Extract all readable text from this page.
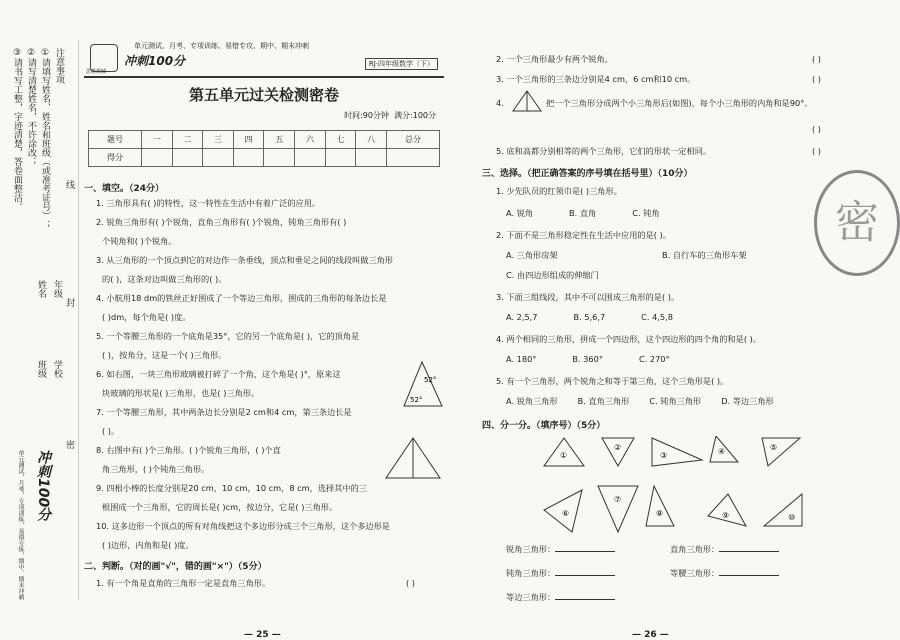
注意事项
①请填写姓名、姓名和班级（或准考证号）；
②请写清楚姓名，不许涂改；
③请书写工整，字迹清楚，答卷面整洁。	线
年级
姓名
学校
班级
封
密
冲刺100分
单元测试，月考，专项训练，易错专练，期中、期末冲刺
单元测试、月考、专项训练、易错专攻、期中、期末冲刺
冲刺100分
思维教辅
RJ·四年级数学（下）
第五单元过关检测密卷
时间:90分钟 满分:100分
题号	一	二	三	四	五	六	七	八	总分
得分									
一、填空。（24分）
1. 三角形具有( )的特性，这一特性在生活中有着广泛的应用。
2. 锐角三角形有( )个锐角，直角三角形有( )个锐角，钝角三角形有( )
个钝角和( )个锐角。
3. 从三角形的一个顶点到它的对边作一条垂线，顶点和垂足之间的线段叫做三角形
的( )，这条对边叫做三角形的( )。
4. 小航用18 dm的铁丝正好围成了一个等边三角形，围成的三角形的每条边长是
( )dm，每个角是( )度。
5. 一个等腰三角形的一个底角是35°，它的另一个底角是( )，它的顶角是
( )，按角分，这是一个( )三角形。
6. 如右图，一块三角形玻璃被打碎了一个角，这个角是( )°，原来这
块玻璃的形状是( )三角形，也是( )三角形。
52°
52°
7. 一个等腰三角形，其中两条边长分别是2 cm和4 cm，第三条边长是
( )。
8. 右图中有( )个三角形。( )个锐角三角形，( )个直
角三角形，( )个钝角三角形。
9. 四根小棒的长度分别是20 cm，10 cm，10 cm，8 cm，选择其中的三
根围成一个三角形，它的周长是( )cm，按边分，它是( )三角形。
10. 这多边形一个顶点的所有对角线把这个多边形分成三个三角形，这个多边形是
( )边形，内角和是( )度。
二、判断。（对的画"√"，错的画"×"）（5分）
1. 有一个角是直角的三角形一定是直角三角形。	( )
— 25 —
2. 一个三角形最少有两个锐角。	( )
3. 一个三角形的三条边分别是4 cm，6 cm和10 cm。	( )
4.	把一个三角形分成两个小三角形后(如图)，每个小三角形的内角和是90°。
( )
5. 底和高都分别相等的两个三角形，它们的形状一定相同。	( )
三、选择。（把正确答案的序号填在括号里）（10分）
1. 少先队员的红领巾是( )三角形。
A. 锐角	B. 直角	C. 钝角
2. 下面不是三角形稳定性在生活中应用的是( )。
A. 三角形房架	B. 自行车的三角形车架
C. 由四边形组成的伸缩门
3. 下面三组线段，其中不可以围成三角形的是( )。
A. 2,5,7	B. 5,6,7	C. 4,5,8
4. 两个相同的三角形，拼成一个四边形，这个四边形的四个角的和是( )。
A. 180°	B. 360°	C. 270°
5. 有一个三角形，两个锐角之和等于第三角，这个三角形是( )。
A. 锐角三角形 B. 直角三角形 C. 钝角三角形 D. 等边三角形
四、分一分。（填序号）（5分）
①
②
③	④	⑤
⑥
⑦
⑧	⑨	⑩
锐角三角形：	直角三角形：
钝角三角形：	等腰三角形：
等边三角形：
— 26 —
密
